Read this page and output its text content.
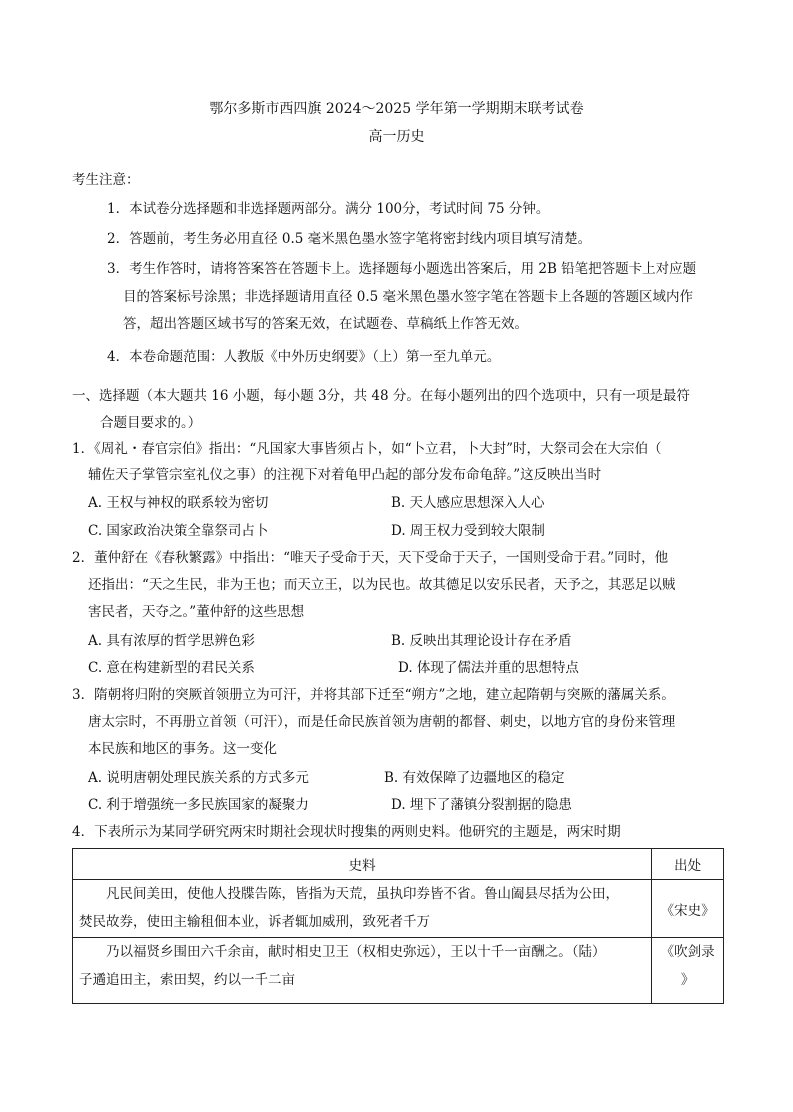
鄂尔多斯市西四旗 2024～2025 学年第一学期期末联考试卷
高一历史
考生注意：
1．本试卷分选择题和非选择题两部分。满分 100分，考试时间 75 分钟。
2．答题前，考生务必用直径 0.5 毫米黑色墨水签字笔将密封线内项目填写清楚。
3．考生作答时，请将答案答在答题卡上。选择题每小题选出答案后，用 2B 铅笔把答题卡上对应题
目的答案标号涂黑；非选择题请用直径 0.5 毫米黑色墨水签字笔在答题卡上各题的答题区域内作
答，超出答题区域书写的答案无效，在试题卷、草稿纸上作答无效。
4．本卷命题范围：人教版《中外历史纲要》（上）第一至九单元。
一、选择题（本大题共 16 小题，每小题 3分，共 48 分。在每小题列出的四个选项中，只有一项是最符
合题目要求的。）
1．《周礼・春官宗伯》指出：“凡国家大事皆须占卜，如“卜立君，卜大封”时，大祭司会在大宗伯（
辅佐天子掌管宗室礼仪之事）的注视下对着龟甲凸起的部分发布命龟辞。”这反映出当时
A. 王权与神权的联系较为密切	B. 天人感应思想深入人心
C. 国家政治决策全靠祭司占卜	D. 周王权力受到较大限制
2．董仲舒在《春秋繁露》中指出：“唯天子受命于天，天下受命于天子，一国则受命于君。”同时，他
还指出：“天之生民，非为王也；而天立王，以为民也。故其德足以安乐民者，天予之，其恶足以贼
害民者，天夺之。”董仲舒的这些思想
A. 具有浓厚的哲学思辨色彩	B. 反映出其理论设计存在矛盾
C. 意在构建新型的君民关系	D. 体现了儒法并重的思想特点
3．隋朝将归附的突厥首领册立为可汗，并将其部下迁至“朔方”之地，建立起隋朝与突厥的藩属关系。
唐太宗时，不再册立首领（可汗），而是任命民族首领为唐朝的都督、刺史，以地方官的身份来管理
本民族和地区的事务。这一变化
A. 说明唐朝处理民族关系的方式多元	B. 有效保障了边疆地区的稳定
C. 利于增强统一多民族国家的凝聚力	D. 埋下了藩镇分裂割据的隐患
4．下表所示为某同学研究两宋时期社会现状时搜集的两则史料。他研究的主题是，两宋时期
史料	出处

凡民间美田，使他人投牒告陈，皆指为天荒，虽执印券皆不省。鲁山阖县尽括为公田，
焚民故券，使田主输租佃本业，诉者辄加威刑，致死者千万	《宋史》

乃以福贤乡围田六千余亩，献时相史卫王（权相史弥远），王以十千一亩酬之。（陆）
子遹追田主，索田契，约以一千二亩	《吹剑录
》
